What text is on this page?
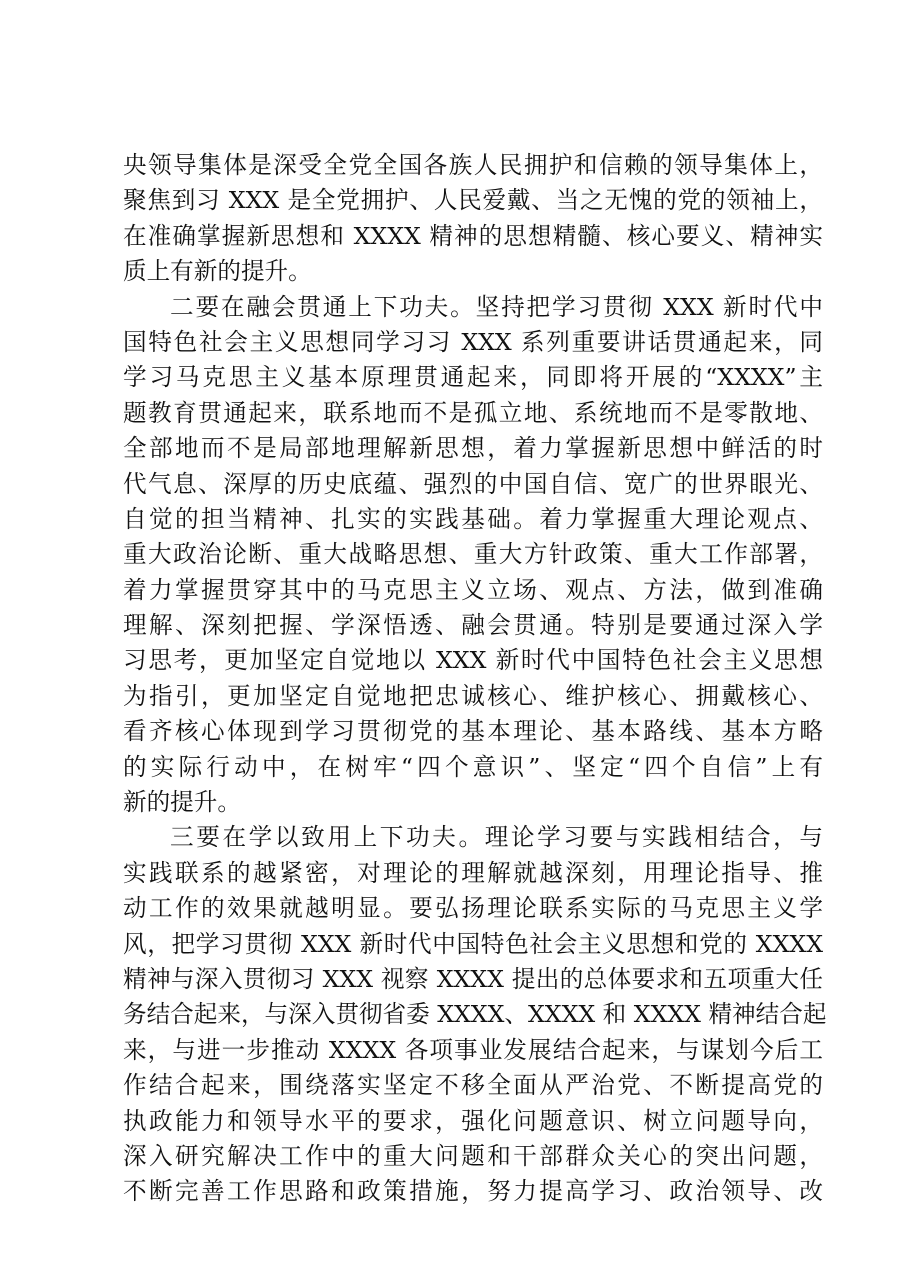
央领导集体是深受全党全国各族人民拥护和信赖的领导集体上，
聚焦到习 XXX 是全党拥护、人民爱戴、当之无愧的党的领袖上，
在准确掌握新思想和 XXXX 精神的思想精髓、核心要义、精神实
质上有新的提升。
二要在融会贯通上下功夫。坚持把学习贯彻 XXX 新时代中
国特色社会主义思想同学习习 XXX 系列重要讲话贯通起来，同
学习马克思主义基本原理贯通起来，同即将开展的“XXXX”主
题教育贯通起来，联系地而不是孤立地、系统地而不是零散地、
全部地而不是局部地理解新思想，着力掌握新思想中鲜活的时
代气息、深厚的历史底蕴、强烈的中国自信、宽广的世界眼光、
自觉的担当精神、扎实的实践基础。着力掌握重大理论观点、
重大政治论断、重大战略思想、重大方针政策、重大工作部署，
着力掌握贯穿其中的马克思主义立场、观点、方法，做到准确
理解、深刻把握、学深悟透、融会贯通。特别是要通过深入学
习思考，更加坚定自觉地以 XXX 新时代中国特色社会主义思想
为指引，更加坚定自觉地把忠诚核心、维护核心、拥戴核心、
看齐核心体现到学习贯彻党的基本理论、基本路线、基本方略
的实际行动中，在树牢“四个意识”、坚定“四个自信”上有
新的提升。
三要在学以致用上下功夫。理论学习要与实践相结合，与
实践联系的越紧密，对理论的理解就越深刻，用理论指导、推
动工作的效果就越明显。要弘扬理论联系实际的马克思主义学
风，把学习贯彻 XXX 新时代中国特色社会主义思想和党的 XXXX
精神与深入贯彻习 XXX 视察 XXXX 提出的总体要求和五项重大任
务结合起来，与深入贯彻省委 XXXX、XXXX 和 XXXX 精神结合起
来，与进一步推动 XXXX 各项事业发展结合起来，与谋划今后工
作结合起来，围绕落实坚定不移全面从严治党、不断提高党的
执政能力和领导水平的要求，强化问题意识、树立问题导向，
深入研究解决工作中的重大问题和干部群众关心的突出问题，
不断完善工作思路和政策措施，努力提高学习、政治领导、改
